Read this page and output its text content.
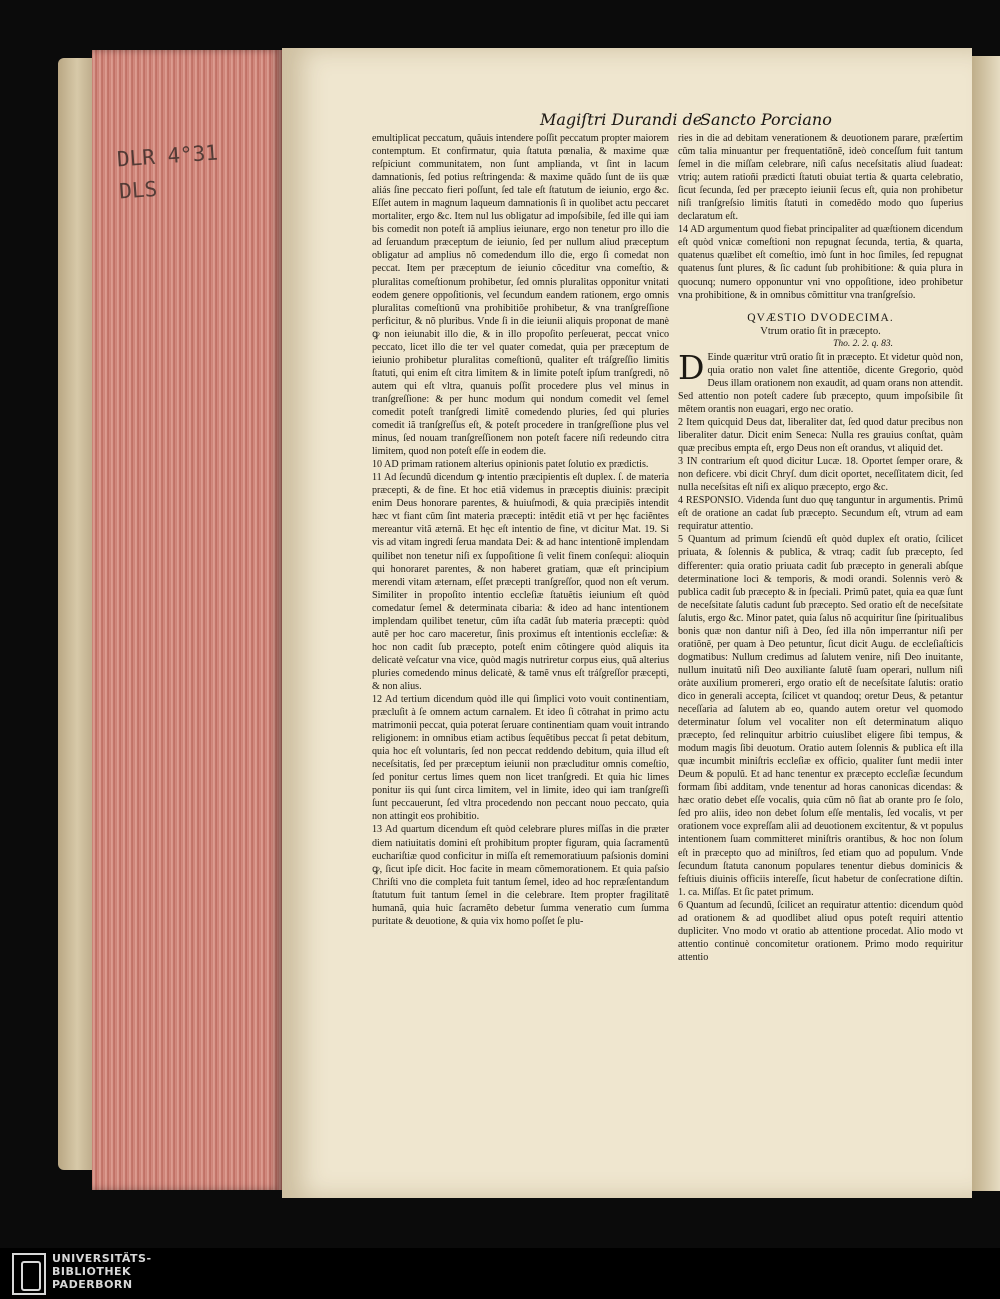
DLR 4°31
DLS
Magiſtri Durandi de
Sancto Porciano

emultiplicat peccatum, quãuis intendere poſſit peccatum propter maiorem contemptum. Et confirmatur, quia ſtatuta pœnalia, & maxime quæ reſpiciunt communitatem, non ſunt amplianda, vt ſint in lacum damnationis, ſed potius reſtringenda: & maxime quãdo ſunt de iis quæ aliás ſine peccato fieri poſſunt, ſed tale eſt ſtatutum de ieiunio, ergo &c. Eſſet autem in magnum laqueum damnationis ſi in quolibet actu peccaret mortaliter, ergo &c. Item nul lus obligatur ad impoſsibile, ſed ille qui iam bis comedit non poteſt iã amplius ieiunare, ergo non tenetur pro illo die ad ſeruandum præceptum de ieiunio, ſed per nullum aliud præceptum obligatur ad amplius nõ comedendum illo die, ergo ſi comedat non peccat. Item per præceptum de ieiunio cõceditur vna comeſtio, & pluralitas comeſtionum prohibetur, ſed omnis pluralitas opponitur vnitati eodem genere oppoſitionis, vel ſecundum eandem rationem, ergo omnis pluralitas comeſtionũ vna prohibitiõe prohibetur, & vna tranſgreſſione perficitur, & nõ pluribus. Vnde ſi in die ieiunii aliquis proponat de manè ꝙ non ieiunabit illo die, & in illo propoſito perſeuerat, peccat vnico peccato, licet illo die ter vel quater comedat, quia per præceptum de ieiunio prohibetur pluralitas comeſtionũ, qualiter eſt tráſgreſſio limitis ſtatuti, qui enim eſt citra limitem & in limite poteſt ipſum tranſgredi, nõ autem qui eſt vltra, quanuis poſſit procedere plus vel minus in tranſgreſſione: & per hunc modum qui nondum comedit vel ſemel comedit poteſt tranſgredi limitẽ comedendo pluries, ſed qui pluries comedit iã tranſgreſſus eſt, & poteſt procedere in tranſgreſſione plus vel minus, ſed nouam tranſgreſſionem non poteſt facere niſi redeundo citra limitem, quod non poteſt eſſe in eodem die.

10 AD primam rationem alterius opinionis patet ſolutio ex prædictis.

11 Ad ſecundũ dicendum ꝙ intentio præcipientis eſt duplex. ſ. de materia præcepti, & de fine. Et hoc etiã videmus in præceptis diuinis: præcipit enim Deus honorare parentes, & huiuſmodi, & quia præcipiẽs intendit hæc vt fiant cũm ſint materia præcepti: intẽdit etiã vt per hęc faciẽntes mereantur vitã æternã. Et hęc eſt intentio de fine, vt dicitur Mat. 19. Si vis ad vitam ingredi ſerua mandata Dei: & ad hanc intentionẽ implendam quilibet non tenetur niſi ex ſuppoſitione ſi velit finem conſequi: alioquin qui honoraret parentes, & non haberet gratiam, quæ eſt principium merendi vitam æternam, eſſet præcepti tranſgreſſor, quod non eſt verum. Similiter in propoſito intentio eccleſiæ ſtatuẽtis ieiunium eſt quòd comedatur ſemel & determinata cibaria: & ideo ad hanc intentionem implendam quilibet tenetur, cũm iſta cadãt ſub materia præcepti: quòd autẽ per hoc caro maceretur, ſinis proximus eſt intentionis eccleſiæ: & hoc non cadit ſub præcepto, poteſt enim cõtingere quòd aliquis ita delicatè veſcatur vna vice, quòd magis nutriretur corpus eius, quã alterius pluries comedendo minus delicatè, & tamẽ vnus eſt tráſgreſſor præcepti, & non alius.

12 Ad tertium dicendum quòd ille qui ſimplici voto vouit continentiam, præcluſit à ſe omnem actum carnalem. Et ideo ſi cõtrahat in primo actu matrimonii peccat, quia poterat ſeruare continentiam quam vouit intrando religionem: in omnibus etiam actibus ſequẽtibus peccat ſi petat debitum, quia hoc eſt voluntaris, ſed non peccat reddendo debitum, quia illud eſt neceſsitatis, ſed per præceptum ieiunii non præcluditur omnis comeſtio, ſed ponitur certus limes quem non licet tranſgredi. Et quia hic limes ponitur iis qui ſunt circa limitem, vel in limite, ideo qui iam tranſgreſſi ſunt peccauerunt, ſed vltra procedendo non peccant nouo peccato, quia non attingit eos prohibitio.

13 Ad quartum dicendum eſt quòd celebrare plures miſſas in die præter diem natiuitatis domini eſt prohibitum propter figuram, quia ſacramentũ euchariſtiæ quod conficitur in miſſa eſt rememoratiuum paſsionis domini ꝙ, ſicut ipſe dicit. Hoc facite in meam cõmemorationem. Et quia paſsio Chriſti vno die completa fuit tantum ſemel, ideo ad hoc repræſentandum ſtatutum fuit tantum ſemel in die celebrare. Item propter fragilitatẽ humanã, quia huic ſacramẽto debetur ſumma veneratio cum ſumma puritate & deuotione, & quia vix homo poſſet ſe plu-

ries in die ad debitam venerationem & deuotionem parare, præſertim cũm talia minuantur per frequentatiõnẽ, ideò conceſſum fuit tantum ſemel in die miſſam celebrare, niſi caſus neceſsitatis aliud ſuadeat: vtriq; autem ratioñi prædicti ſtatuti obuiat tertia & quarta celebratio, ſicut ſecunda, ſed per præcepto ieiunii ſecus eſt, quia non prohibetur niſi tranſgreſsio limitis ſtatuti in comedẽdo modo quo ſuperius declaratum eſt.

14 AD argumentum quod fiebat principaliter ad quæſtionem dicendum eſt quòd vnicæ comeſtioni non repugnat ſecunda, tertia, & quarta, quatenus quælibet eſt comeſtio, imò ſunt in hoc ſimiles, ſed repugnat quatenus ſunt plures, & ſic cadunt ſub prohibitione: & quia plura in quocunq; numero opponuntur vni vno oppoſitione, ideo prohibetur vna prohibitione, & in omnibus cõmittitur vna tranſgreſsio.

QVÆSTIO DVODECIMA.

Vtrum oratio ſit in præcepto.

Tho. 2. 2. q. 83.

D Einde quæritur vtrũ oratio ſit in præcepto. Et videtur quòd non, quia oratio non valet ſine attentiõe, dicente Gregorio, quòd Deus illam orationem non exaudit, ad quam orans non attendit. Sed attentio non poteſt cadere ſub præcepto, quum impoſsibile ſit mẽtem orantis non euagari, ergo nec oratio.

2 Item quicquid Deus dat, liberaliter dat, ſed quod datur precibus non liberaliter datur. Dicit enim Seneca: Nulla res grauius conſtat, quàm quæ precibus empta eſt, ergo Deus non eſt orandus, vt aliquid det.

3 IN contrarium eſt quod dicitur Lucæ. 18. Oportet ſemper orare, & non deficere. vbi dicit Chryſ. dum dicit oportet, neceſſitatem dicit, ſed nulla neceſsitas eſt niſi ex aliquo præcepto, ergo &c.

4 RESPONSIO. Videnda ſunt duo quę tanguntur in argumentis. Primũ eſt de oratione an cadat ſub præcepto. Secundum eſt, vtrum ad eam requiratur attentio.

5 Quantum ad primum ſciendũ eſt quòd duplex eſt oratio, ſcilicet priuata, & ſolennis & publica, & vtraq; cadit ſub præcepto, ſed differenter: quia oratio priuata cadit ſub præcepto in generali abſque determinatione loci & temporis, & modi orandi. Solennis verò & publica cadit ſub præcepto & in ſpeciali. Primũ patet, quia ea quæ ſunt de neceſsitate ſalutis cadunt ſub præcepto. Sed oratio eſt de neceſsitate ſalutis, ergo &c. Minor patet, quia ſalus nõ acquiritur ſine ſpiritualibus bonis quæ non dantur niſi à Deo, ſed illa nõn imperrantur niſi per oratiõnẽ, per quam à Deo petuntur, ſicut dicit Augu. de eccleſiaſticis dogmatibus: Nullum credimus ad ſalutem venire, niſi Deo inuitante, nullum inuitatũ niſi Deo auxiliante ſalutẽ ſuam operari, nullum niſi oràte auxilium promereri, ergo oratio eſt de neceſsitate ſalutis: oratio dico in generali accepta, ſcilicet vt quandoq; oretur Deus, & petantur neceſſaria ad ſalutem ab eo, quando autem oretur vel quomodo determinatur ſolum vel vocaliter non eſt determinatum aliquo præcepto, ſed relinquitur arbitrio cuiuslibet eligere ſibi tempus, & modum magis ſibi deuotum. Oratio autem ſolennis & publica eſt illa quæ incumbit miniſtris eccleſiæ ex officio, qualiter ſunt medii inter Deum & populũ. Et ad hanc tenentur ex præcepto eccleſiæ ſecundum formam ſibi additam, vnde tenentur ad horas canonicas dicendas: & hæc oratio debet eſſe vocalis, quia cũm nõ ſiat ab orante pro ſe ſolo, ſed pro aliis, ideo non debet ſolum eſſe mentalis, ſed vocalis, vt per orationem voce expreſſam alii ad deuotionem excitentur, & vt populus intentionem ſuam committeret miniſtris orantibus, & hoc non ſolum eſt in præcepto quo ad miniſtros, ſed etiam quo ad populum. Vnde ſecundum ſtatuta canonum populares tenentur diebus dominicis & feſtiuis diuinis officiis intereſſe, ſicut habetur de conſecratione diſtin. 1. ca. Miſſas. Et ſic patet primum.

6 Quantum ad ſecundũ, ſcilicet an requiratur attentio: dicendum quòd ad orationem & ad quodlibet aliud opus poteſt requiri attentio dupliciter. Vno modo vt oratio ab attentione procedat. Alio modo vt attentio continuè concomitetur orationem. Primo modo requiritur attentio

UNIVERSITÄTS-
BIBLIOTHEK
PADERBORN
